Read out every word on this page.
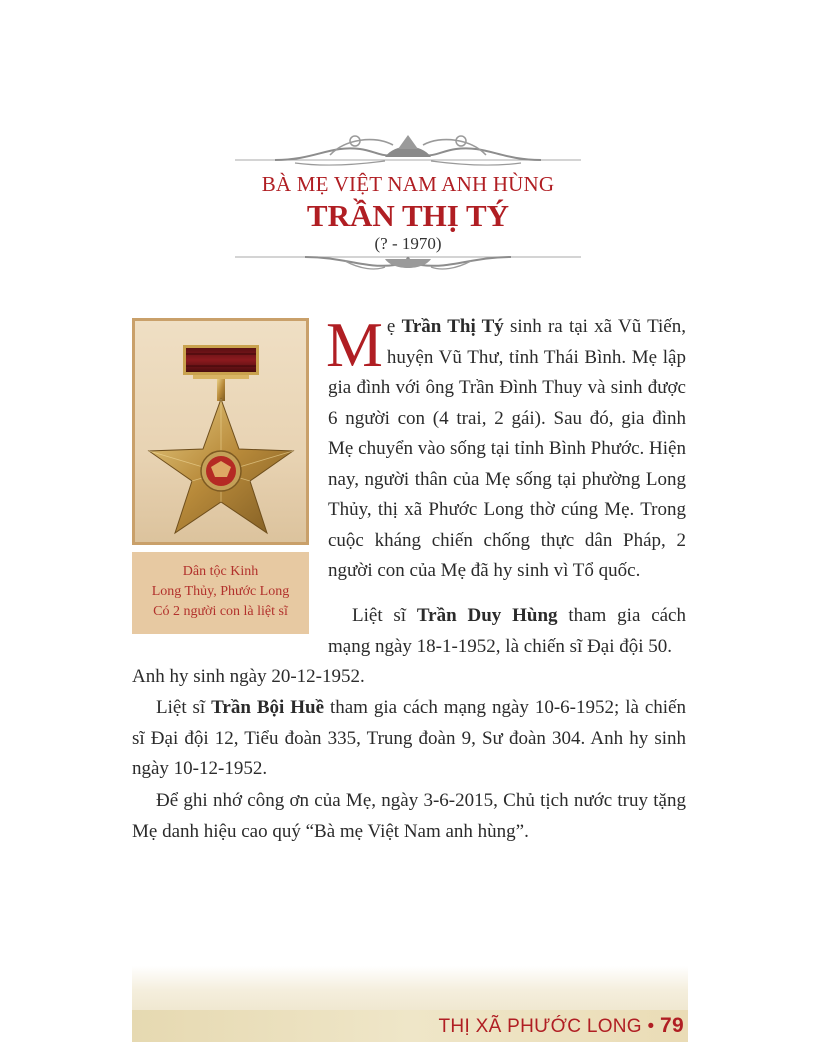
BÀ MẸ VIỆT NAM ANH HÙNG
TRẦN THỊ TÝ
(? - 1970)
Dân tộc Kinh
Long Thủy, Phước Long
Có 2 người con là liệt sĩ
Mẹ Trần Thị Tý sinh ra tại xã Vũ Tiến, huyện Vũ Thư, tỉnh Thái Bình. Mẹ lập gia đình với ông Trần Đình Thuy và sinh được 6 người con (4 trai, 2 gái). Sau đó, gia đình Mẹ chuyển vào sống tại tỉnh Bình Phước. Hiện nay, người thân của Mẹ sống tại phường Long Thủy, thị xã Phước Long thờ cúng Mẹ. Trong cuộc kháng chiến chống thực dân Pháp, 2 người con của Mẹ đã hy sinh vì Tổ quốc.
Liệt sĩ Trần Duy Hùng tham gia cách mạng ngày 18-1-1952, là chiến sĩ Đại đội 50.
Anh hy sinh ngày 20-12-1952.
Liệt sĩ Trần Bội Huề tham gia cách mạng ngày 10-6-1952; là chiến sĩ Đại đội 12, Tiểu đoàn 335, Trung đoàn 9, Sư đoàn 304. Anh hy sinh ngày 10-12-1952.
Để ghi nhớ công ơn của Mẹ, ngày 3-6-2015, Chủ tịch nước truy tặng Mẹ danh hiệu cao quý “Bà mẹ Việt Nam anh hùng”.
THỊ XÃ PHƯỚC LONG • 79
